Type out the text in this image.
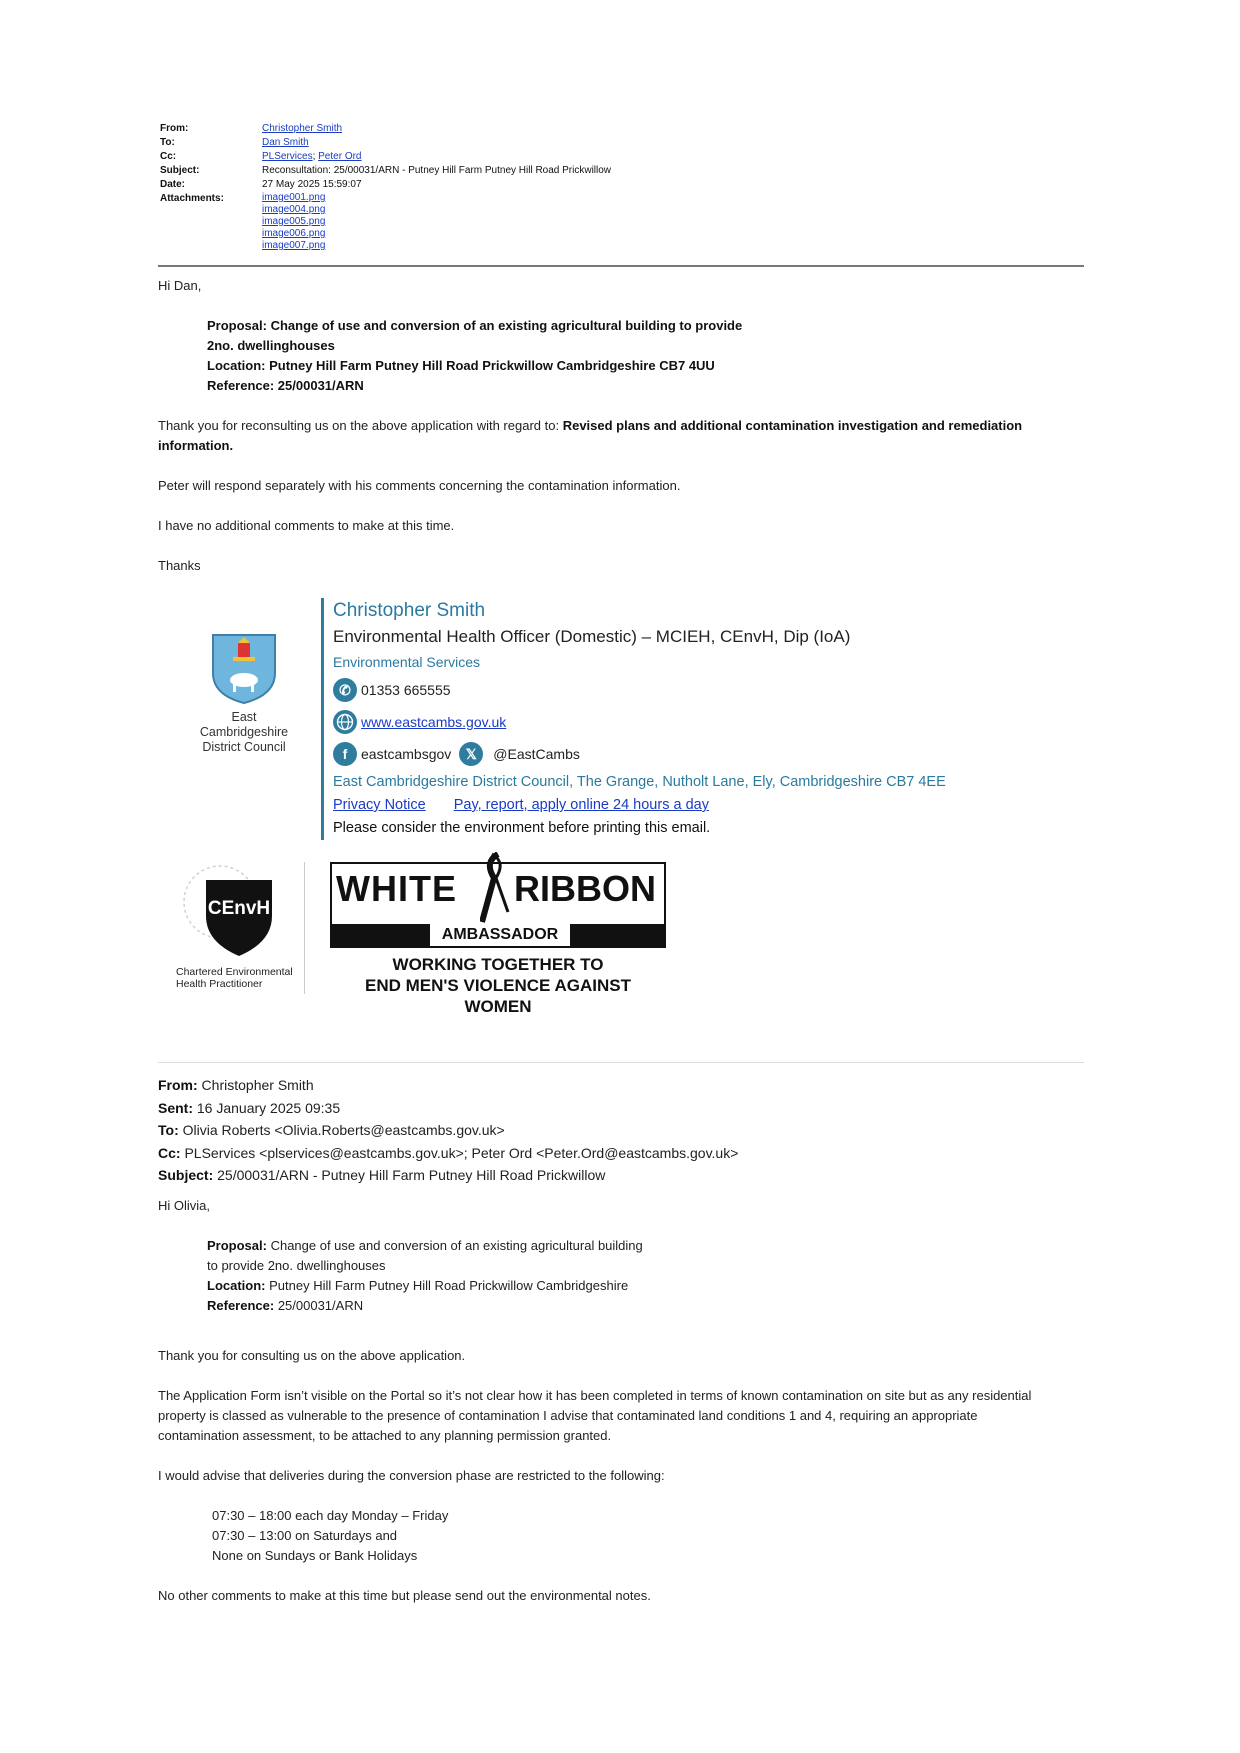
From:	Christopher Smith
To:	Dan Smith
Cc:	PLServices; Peter Ord
Subject:	Reconsultation: 25/00031/ARN - Putney Hill Farm Putney Hill Road Prickwillow
Date:	27 May 2025 15:59:07
Attachments:	image001.png
image004.png
image005.png
image006.png
image007.png
Hi Dan,
Proposal: Change of use and conversion of an existing agricultural building to provide
2no. dwellinghouses
Location: Putney Hill Farm Putney Hill Road Prickwillow Cambridgeshire CB7 4UU
Reference: 25/00031/ARN
Thank you for reconsulting us on the above application with regard to: Revised plans and additional contamination investigation and remediation information.
Peter will respond separately with his comments concerning the contamination information.
I have no additional comments to make at this time.
Thanks
East Cambridgeshire
District Council
Christopher Smith
Environmental Health Officer (Domestic) – MCIEH, CEnvH, Dip (IoA)
Environmental Services
✆ 01353 665555
www.eastcambs.gov.uk
f eastcambsgov	𝕏	@EastCambs
East Cambridgeshire District Council, The Grange, Nutholt Lane, Ely, Cambridgeshire CB7 4EE
Privacy Notice Pay, report, apply online 24 hours a day
Please consider the environment before printing this email.
CEnvH
Chartered Environmental
Health Practitioner
WHITE RIBBON
AMBASSADOR
WORKING TOGETHER TO
END MEN'S VIOLENCE AGAINST WOMEN
From: Christopher Smith
Sent: 16 January 2025 09:35
To: Olivia Roberts <Olivia.Roberts@eastcambs.gov.uk>
Cc: PLServices <plservices@eastcambs.gov.uk>; Peter Ord <Peter.Ord@eastcambs.gov.uk>
Subject: 25/00031/ARN - Putney Hill Farm Putney Hill Road Prickwillow
Hi Olivia,
Proposal: Change of use and conversion of an existing agricultural building
to provide 2no. dwellinghouses
Location: Putney Hill Farm Putney Hill Road Prickwillow Cambridgeshire
Reference: 25/00031/ARN
Thank you for consulting us on the above application.
The Application Form isn’t visible on the Portal so it’s not clear how it has been completed in terms of known contamination on site but as any residential
property is classed as vulnerable to the presence of contamination I advise that contaminated land conditions 1 and 4, requiring an appropriate
contamination assessment, to be attached to any planning permission granted.
I would advise that deliveries during the conversion phase are restricted to the following:
07:30 – 18:00 each day Monday – Friday
07:30 – 13:00 on Saturdays and
None on Sundays or Bank Holidays
No other comments to make at this time but please send out the environmental notes.
